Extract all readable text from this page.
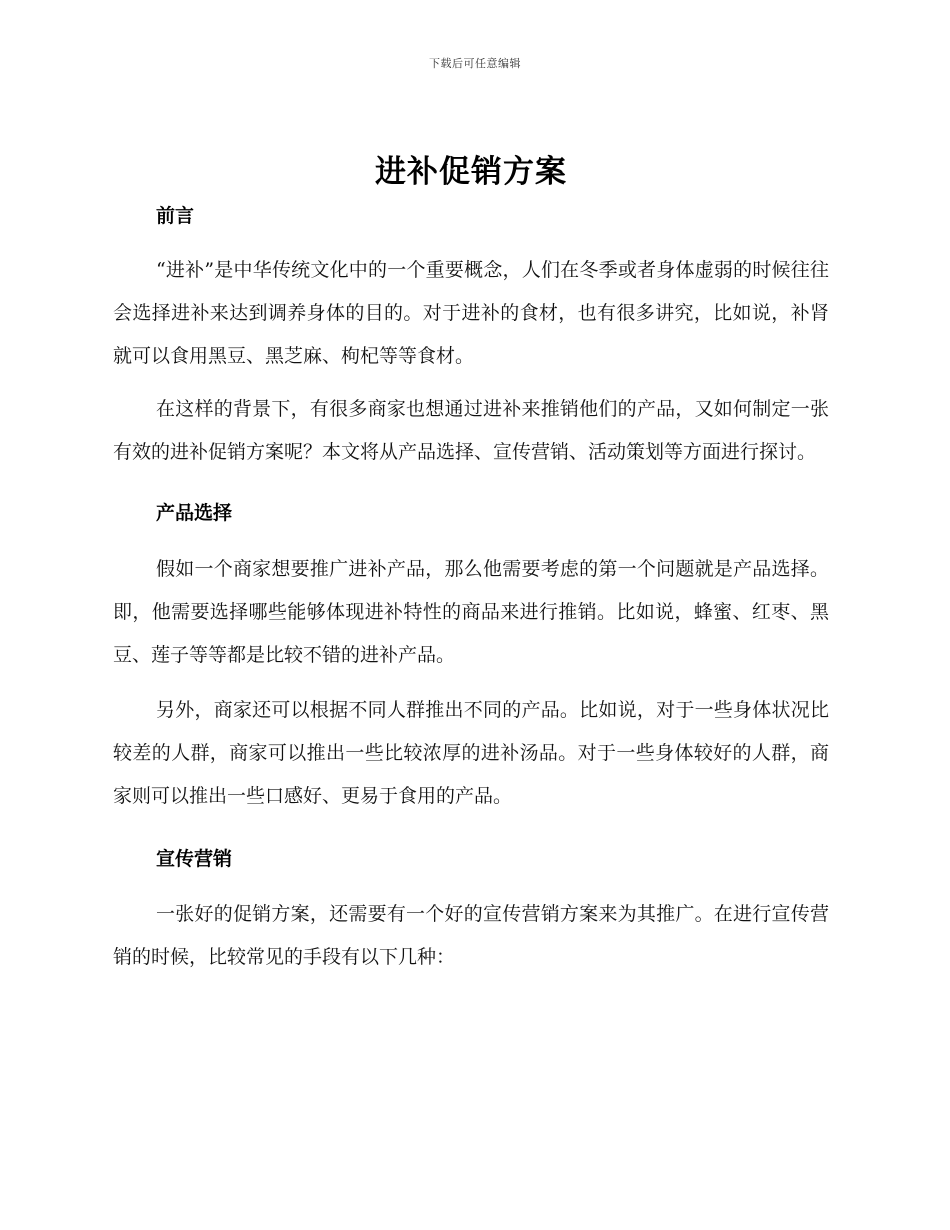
下载后可任意编辑
进补促销方案
前言

“进补”是中华传统文化中的一个重要概念，人们在冬季或者身体虚弱的时候往往会选择进补来达到调养身体的目的。对于进补的食材，也有很多讲究，比如说，补肾就可以食用黑豆、黑芝麻、枸杞等等食材。

在这样的背景下，有很多商家也想通过进补来推销他们的产品，又如何制定一张有效的进补促销方案呢？本文将从产品选择、宣传营销、活动策划等方面进行探讨。

产品选择

假如一个商家想要推广进补产品，那么他需要考虑的第一个问题就是产品选择。即，他需要选择哪些能够体现进补特性的商品来进行推销。比如说，蜂蜜、红枣、黑豆、莲子等等都是比较不错的进补产品。

另外，商家还可以根据不同人群推出不同的产品。比如说，对于一些身体状况比较差的人群，商家可以推出一些比较浓厚的进补汤品。对于一些身体较好的人群，商家则可以推出一些口感好、更易于食用的产品。

宣传营销

一张好的促销方案，还需要有一个好的宣传营销方案来为其推广。在进行宣传营销的时候，比较常见的手段有以下几种：
